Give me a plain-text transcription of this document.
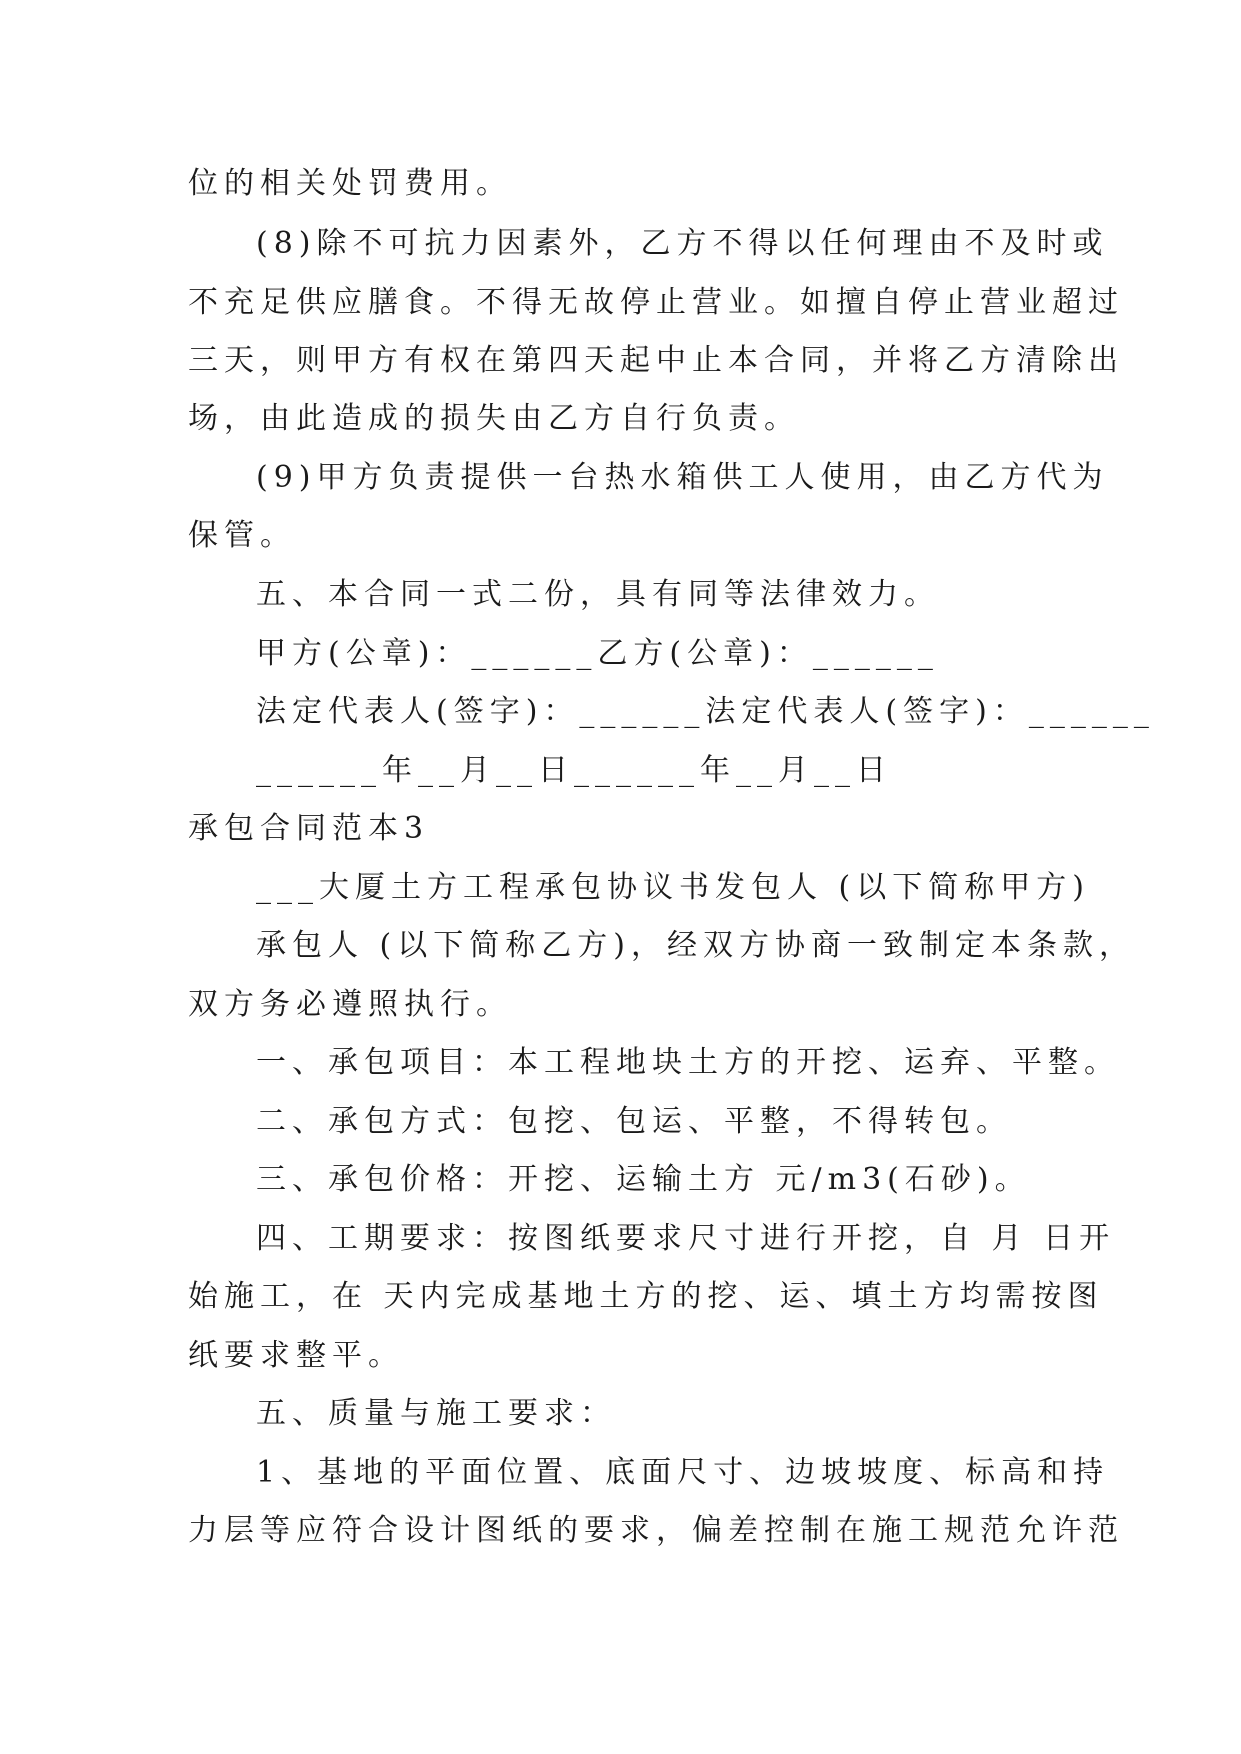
位的相关处罚费用。
(8)除不可抗力因素外，乙方不得以任何理由不及时或
不充足供应膳食。不得无故停止营业。如擅自停止营业超过
三天，则甲方有权在第四天起中止本合同，并将乙方清除出
场，由此造成的损失由乙方自行负责。
(9)甲方负责提供一台热水箱供工人使用，由乙方代为
保管。
五、本合同一式二份，具有同等法律效力。
甲方(公章)：______乙方(公章)：______
法定代表人(签字)：______法定代表人(签字)：______
______年__月__日______年__月__日
承包合同范本3
___大厦土方工程承包协议书发包人 (以下简称甲方)
承包人 (以下简称乙方)，经双方协商一致制定本条款，
双方务必遵照执行。
一、承包项目：本工程地块土方的开挖、运弃、平整。
二、承包方式：包挖、包运、平整，不得转包。
三、承包价格：开挖、运输土方 元/m3(石砂)。
四、工期要求：按图纸要求尺寸进行开挖，自 月 日开
始施工，在 天内完成基地土方的挖、运、填土方均需按图
纸要求整平。
五、质量与施工要求：
1、基地的平面位置、底面尺寸、边坡坡度、标高和持
力层等应符合设计图纸的要求，偏差控制在施工规范允许范
